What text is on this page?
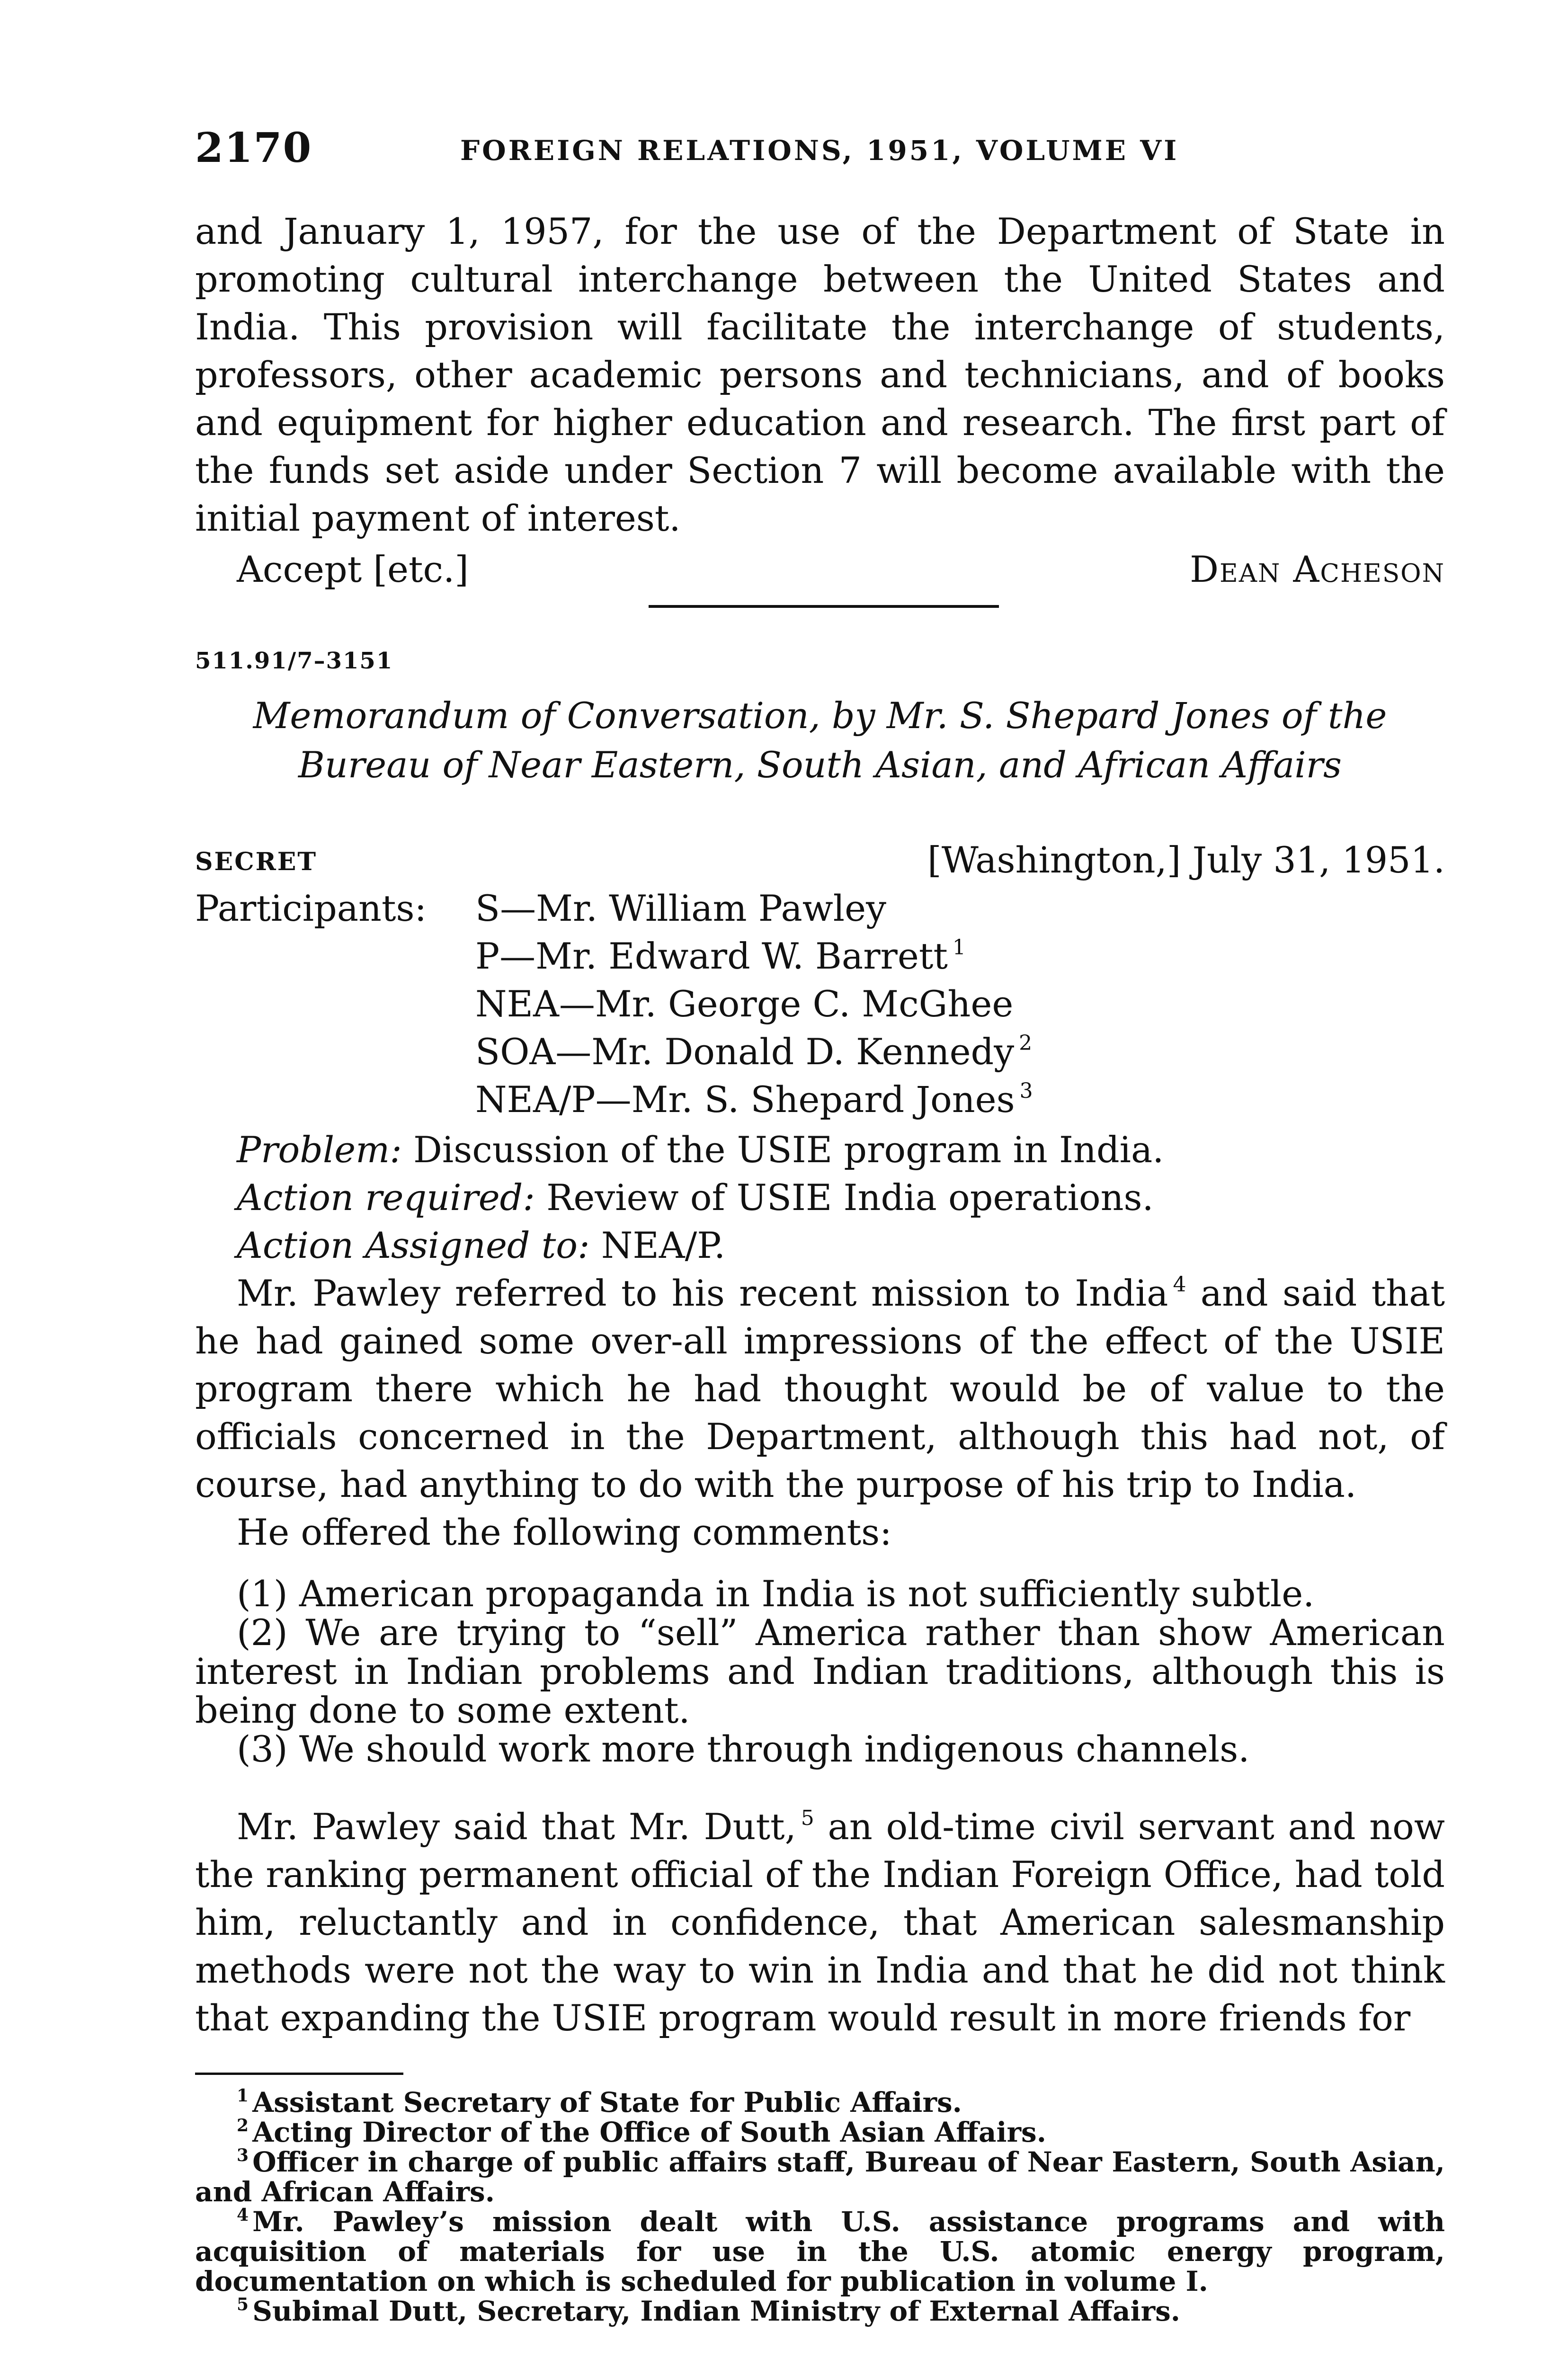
2170	FOREIGN RELATIONS, 1951, VOLUME VI

and January 1, 1957, for the use of the Department of State in promoting cultural interchange between the United States and India. This provision will facilitate the interchange of students, professors, other academic persons and technicians, and of books and equipment for higher education and research. The first part of the funds set aside under Section 7 will become available with the initial payment of interest.

Accept [etc.]	Dean Acheson
511.91/7–3151
Memorandum of Conversation, by Mr. S. Shepard Jones of the Bureau of Near Eastern, South Asian, and African Affairs
SECRET	[Washington,] July 31, 1951.
Participants: S—Mr. William Pawley
P—Mr. Edward W. Barrett $^1$
NEA—Mr. George C. McGhee
SOA—Mr. Donald D. Kennedy $^2$
NEA/P—Mr. S. Shepard Jones $^3$
Problem: Discussion of the USIE program in India.
Action required: Review of USIE India operations.
Action Assigned to: NEA/P.

Mr. Pawley referred to his recent mission to India $^4$ and said that he had gained some over-all impressions of the effect of the USIE program there which he had thought would be of value to the officials concerned in the Department, although this had not, of course, had anything to do with the purpose of his trip to India.

He offered the following comments:

(1) American propaganda in India is not sufficiently subtle.

(2) We are trying to “sell” America rather than show American interest in Indian problems and Indian traditions, although this is being done to some extent.

(3) We should work more through indigenous channels.

Mr. Pawley said that Mr. Dutt, $^5$ an old-time civil servant and now the ranking permanent official of the Indian Foreign Office, had told him, reluctantly and in confidence, that American salesmanship methods were not the way to win in India and that he did not think that expanding the USIE program would result in more friends for

$^1$ Assistant Secretary of State for Public Affairs.

$^2$ Acting Director of the Office of South Asian Affairs.

$^3$ Officer in charge of public affairs staff, Bureau of Near Eastern, South Asian, and African Affairs.

$^4$ Mr. Pawley’s mission dealt with U.S. assistance programs and with acquisition of materials for use in the U.S. atomic energy program, documentation on which is scheduled for publication in volume I.

$^5$ Subimal Dutt, Secretary, Indian Ministry of External Affairs.
